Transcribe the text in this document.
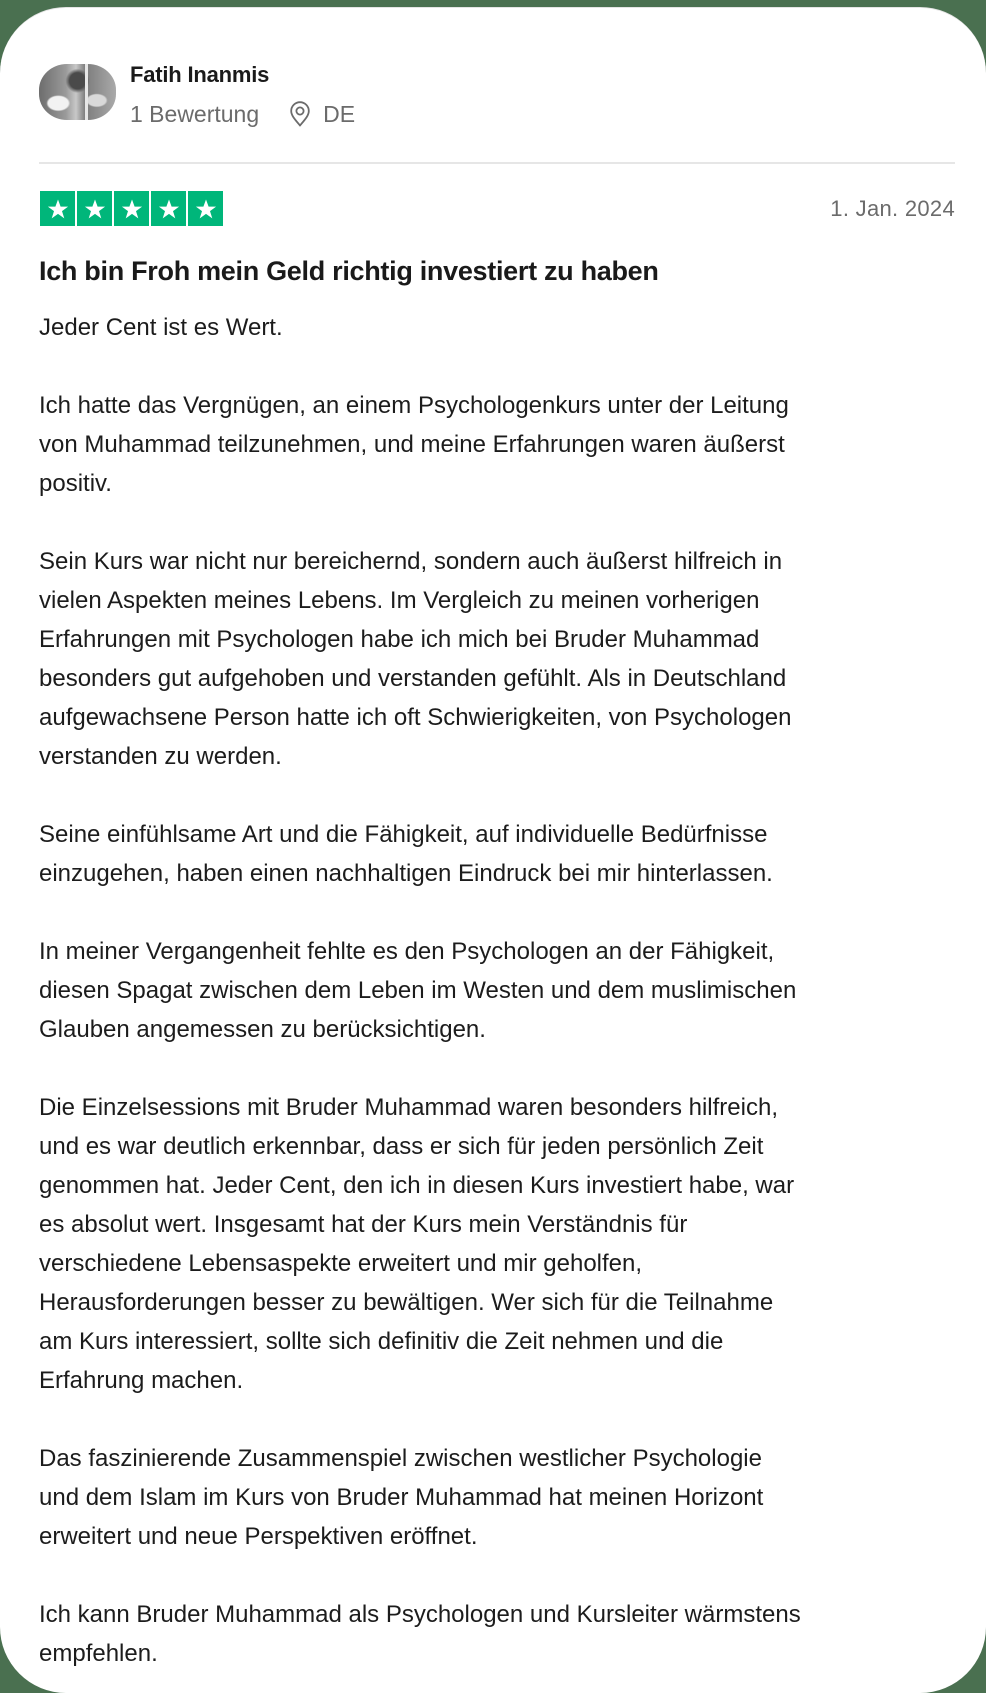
Fatih Inanmis
1 Bewertung	DE
1. Jan. 2024
Ich bin Froh mein Geld richtig investiert zu haben

Jeder Cent ist es Wert.

Ich hatte das Vergnügen, an einem Psychologenkurs unter der Leitung
von Muhammad teilzunehmen, und meine Erfahrungen waren äußerst
positiv.

Sein Kurs war nicht nur bereichernd, sondern auch äußerst hilfreich in
vielen Aspekten meines Lebens. Im Vergleich zu meinen vorherigen
Erfahrungen mit Psychologen habe ich mich bei Bruder Muhammad
besonders gut aufgehoben und verstanden gefühlt. Als in Deutschland
aufgewachsene Person hatte ich oft Schwierigkeiten, von Psychologen
verstanden zu werden.

Seine einfühlsame Art und die Fähigkeit, auf individuelle Bedürfnisse
einzugehen, haben einen nachhaltigen Eindruck bei mir hinterlassen.

In meiner Vergangenheit fehlte es den Psychologen an der Fähigkeit,
diesen Spagat zwischen dem Leben im Westen und dem muslimischen
Glauben angemessen zu berücksichtigen.

Die Einzelsessions mit Bruder Muhammad waren besonders hilfreich,
und es war deutlich erkennbar, dass er sich für jeden persönlich Zeit
genommen hat. Jeder Cent, den ich in diesen Kurs investiert habe, war
es absolut wert. Insgesamt hat der Kurs mein Verständnis für
verschiedene Lebensaspekte erweitert und mir geholfen,
Herausforderungen besser zu bewältigen. Wer sich für die Teilnahme
am Kurs interessiert, sollte sich definitiv die Zeit nehmen und die
Erfahrung machen.

Das faszinierende Zusammenspiel zwischen westlicher Psychologie
und dem Islam im Kurs von Bruder Muhammad hat meinen Horizont
erweitert und neue Perspektiven eröffnet.

Ich kann Bruder Muhammad als Psychologen und Kursleiter wärmstens
empfehlen.
